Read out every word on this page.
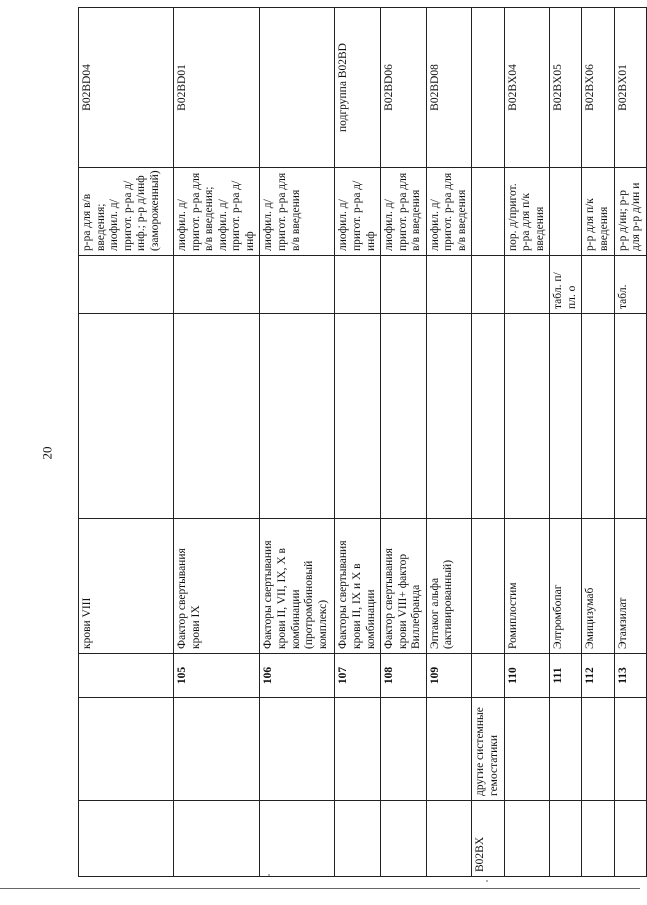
20
			крови VIII			р-ра для в/в введения; лиофил. д/пригот. р-ра д/инф.; р-р д/инф (замороженный)	B02BD04
		105	Фактор свертывания крови IX			лиофил. д/пригот. р-ра для в/в введения; лиофил. д/пригот. р-ра д/инф	B02BD01
		106	Факторы свертывания крови II, VII, IX, X в комбинации (протромбиновый комплекс)			лиофил. д/пригот. р-ра для в/в введения	
		107	Факторы свертывания крови II, IX и X в комбинации			лиофил. д/пригот. р-ра д/инф	подгруппа B02BD
		108	Фактор свертывания крови VIII+ фактор Виллебранда			лиофил. д/пригот. р-ра для в/в введения	B02BD06
		109	Эптаког альфа (активированный)			лиофил. д/пригот. р-ра для в/в введения	B02BD08
B02BX	другие системные гемостатики						
		110	Ромиплостим			пор. д/пригот. р-ра для п/к введения	B02BX04
		111	Элтромбопаг		табл. п/пл. о		B02BX05
		112	Эмицизумаб			р-р для п/к введения	B02BX06
		113	Этамзилат		табл.	р-р д/ин; р-р для р-р д/ин и	B02BX01
